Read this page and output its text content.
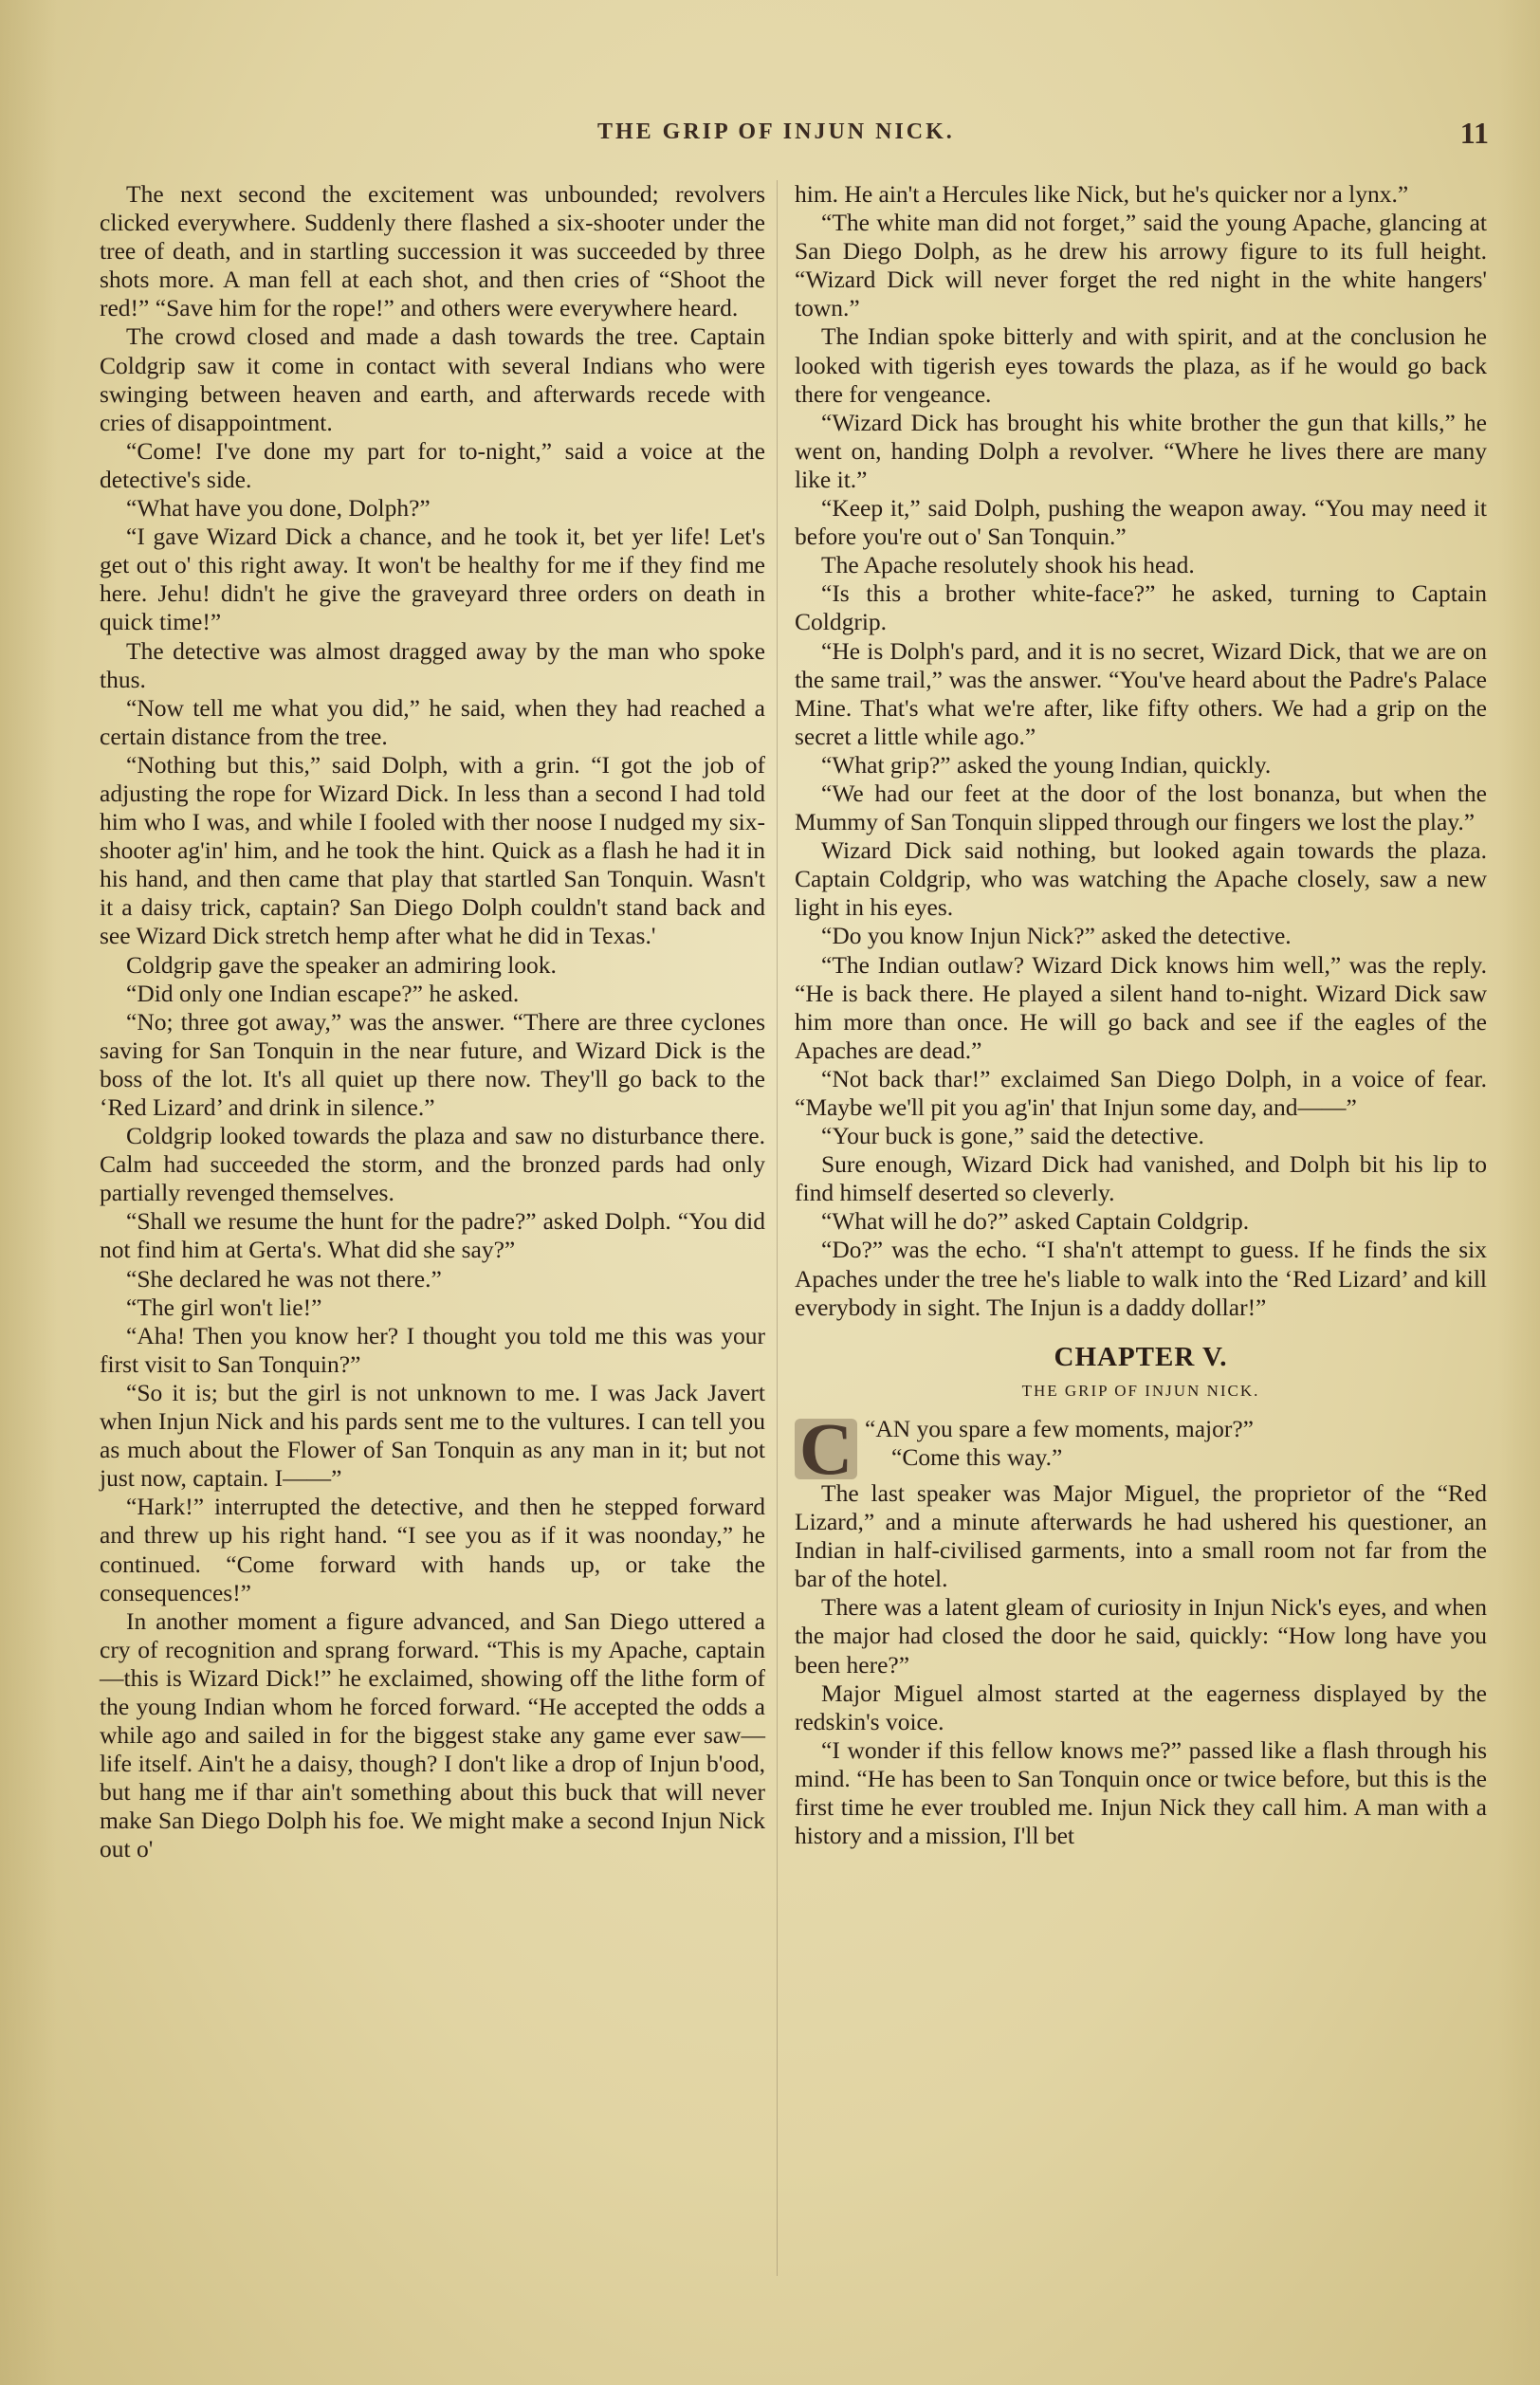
THE GRIP OF INJUN NICK.	11

The next second the excitement was unbounded; revolvers clicked everywhere. Suddenly there flashed a six-shooter under the tree of death, and in startling succession it was succeeded by three shots more. A man fell at each shot, and then cries of “Shoot the red!” “Save him for the rope!” and others were everywhere heard.

The crowd closed and made a dash towards the tree. Captain Coldgrip saw it come in contact with several Indians who were swinging between heaven and earth, and afterwards recede with cries of disappointment.

“Come! I've done my part for to-night,” said a voice at the detective's side.

“What have you done, Dolph?”

“I gave Wizard Dick a chance, and he took it, bet yer life! Let's get out o' this right away. It won't be healthy for me if they find me here. Jehu! didn't he give the graveyard three orders on death in quick time!”

The detective was almost dragged away by the man who spoke thus.

“Now tell me what you did,” he said, when they had reached a certain distance from the tree.

“Nothing but this,” said Dolph, with a grin. “I got the job of adjusting the rope for Wizard Dick. In less than a second I had told him who I was, and while I fooled with ther noose I nudged my six-shooter ag'in' him, and he took the hint. Quick as a flash he had it in his hand, and then came that play that startled San Tonquin. Wasn't it a daisy trick, captain? San Diego Dolph couldn't stand back and see Wizard Dick stretch hemp after what he did in Texas.'

Coldgrip gave the speaker an admiring look.

“Did only one Indian escape?” he asked.

“No; three got away,” was the answer. “There are three cyclones saving for San Tonquin in the near future, and Wizard Dick is the boss of the lot. It's all quiet up there now. They'll go back to the ‘Red Lizard’ and drink in silence.”

Coldgrip looked towards the plaza and saw no disturbance there. Calm had succeeded the storm, and the bronzed pards had only partially revenged themselves.

“Shall we resume the hunt for the padre?” asked Dolph. “You did not find him at Gerta's. What did she say?”

“She declared he was not there.”

“The girl won't lie!”

“Aha! Then you know her? I thought you told me this was your first visit to San Tonquin?”

“So it is; but the girl is not unknown to me. I was Jack Javert when Injun Nick and his pards sent me to the vultures. I can tell you as much about the Flower of San Tonquin as any man in it; but not just now, captain. I——”

“Hark!” interrupted the detective, and then he stepped forward and threw up his right hand. “I see you as if it was noonday,” he continued. “Come forward with hands up, or take the consequences!”

In another moment a figure advanced, and San Diego uttered a cry of recognition and sprang forward. “This is my Apache, captain—this is Wizard Dick!” he exclaimed, showing off the lithe form of the young Indian whom he forced forward. “He accepted the odds a while ago and sailed in for the biggest stake any game ever saw—life itself. Ain't he a daisy, though? I don't like a drop of Injun b'ood, but hang me if thar ain't something about this buck that will never make San Diego Dolph his foe. We might make a second Injun Nick out o'

him. He ain't a Hercules like Nick, but he's quicker nor a lynx.”

“The white man did not forget,” said the young Apache, glancing at San Diego Dolph, as he drew his arrowy figure to its full height. “Wizard Dick will never forget the red night in the white hangers' town.”

The Indian spoke bitterly and with spirit, and at the conclusion he looked with tigerish eyes towards the plaza, as if he would go back there for vengeance.

“Wizard Dick has brought his white brother the gun that kills,” he went on, handing Dolph a revolver. “Where he lives there are many like it.”

“Keep it,” said Dolph, pushing the weapon away. “You may need it before you're out o' San Tonquin.”

The Apache resolutely shook his head.

“Is this a brother white-face?” he asked, turning to Captain Coldgrip.

“He is Dolph's pard, and it is no secret, Wizard Dick, that we are on the same trail,” was the answer. “You've heard about the Padre's Palace Mine. That's what we're after, like fifty others. We had a grip on the secret a little while ago.”

“What grip?” asked the young Indian, quickly.

“We had our feet at the door of the lost bonanza, but when the Mummy of San Tonquin slipped through our fingers we lost the play.”

Wizard Dick said nothing, but looked again towards the plaza. Captain Coldgrip, who was watching the Apache closely, saw a new light in his eyes.

“Do you know Injun Nick?” asked the detective.

“The Indian outlaw? Wizard Dick knows him well,” was the reply. “He is back there. He played a silent hand to-night. Wizard Dick saw him more than once. He will go back and see if the eagles of the Apaches are dead.”

“Not back thar!” exclaimed San Diego Dolph, in a voice of fear. “Maybe we'll pit you ag'in' that Injun some day, and——”

“Your buck is gone,” said the detective.

Sure enough, Wizard Dick had vanished, and Dolph bit his lip to find himself deserted so cleverly.

“What will he do?” asked Captain Coldgrip.

“Do?” was the echo. “I sha'n't attempt to guess. If he finds the six Apaches under the tree he's liable to walk into the ‘Red Lizard’ and kill everybody in sight. The Injun is a daddy dollar!”

CHAPTER V.
THE GRIP OF INJUN NICK.

“
C AN you spare a few moments, major?”

“Come this way.”

The last speaker was Major Miguel, the proprietor of the “Red Lizard,” and a minute afterwards he had ushered his questioner, an Indian in half-civilised garments, into a small room not far from the bar of the hotel.

There was a latent gleam of curiosity in Injun Nick's eyes, and when the major had closed the door he said, quickly: “How long have you been here?”

Major Miguel almost started at the eagerness displayed by the redskin's voice.

“I wonder if this fellow knows me?” passed like a flash through his mind. “He has been to San Tonquin once or twice before, but this is the first time he ever troubled me. Injun Nick they call him. A man with a history and a mission, I'll bet
